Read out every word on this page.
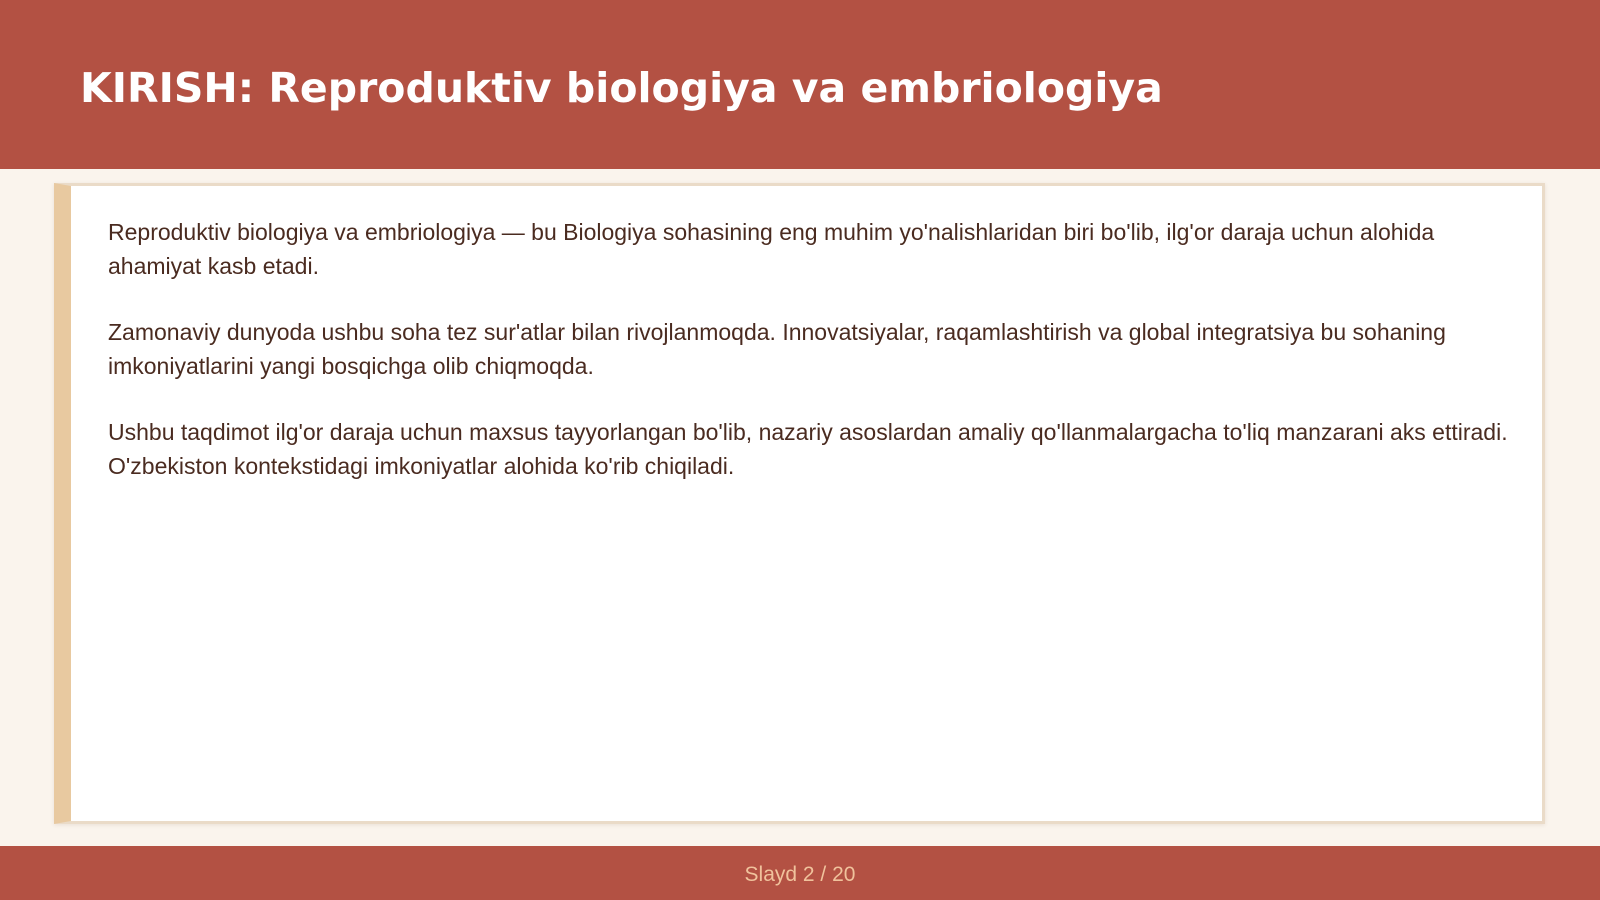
KIRISH: Reproduktiv biologiya va embriologiya

Reproduktiv biologiya va embriologiya — bu Biologiya sohasining eng muhim yo'nalishlaridan biri bo'lib, ilg'or daraja uchun alohida ahamiyat kasb etadi.

Zamonaviy dunyoda ushbu soha tez sur'atlar bilan rivojlanmoqda. Innovatsiyalar, raqamlashtirish va global integratsiya bu sohaning imkoniyatlarini yangi bosqichga olib chiqmoqda.

Ushbu taqdimot ilg'or daraja uchun maxsus tayyorlangan bo'lib, nazariy asoslardan amaliy qo'llanmalargacha to'liq manzarani aks ettiradi. O'zbekiston kontekstidagi imkoniyatlar alohida ko'rib chiqiladi.

Slayd 2 / 20
